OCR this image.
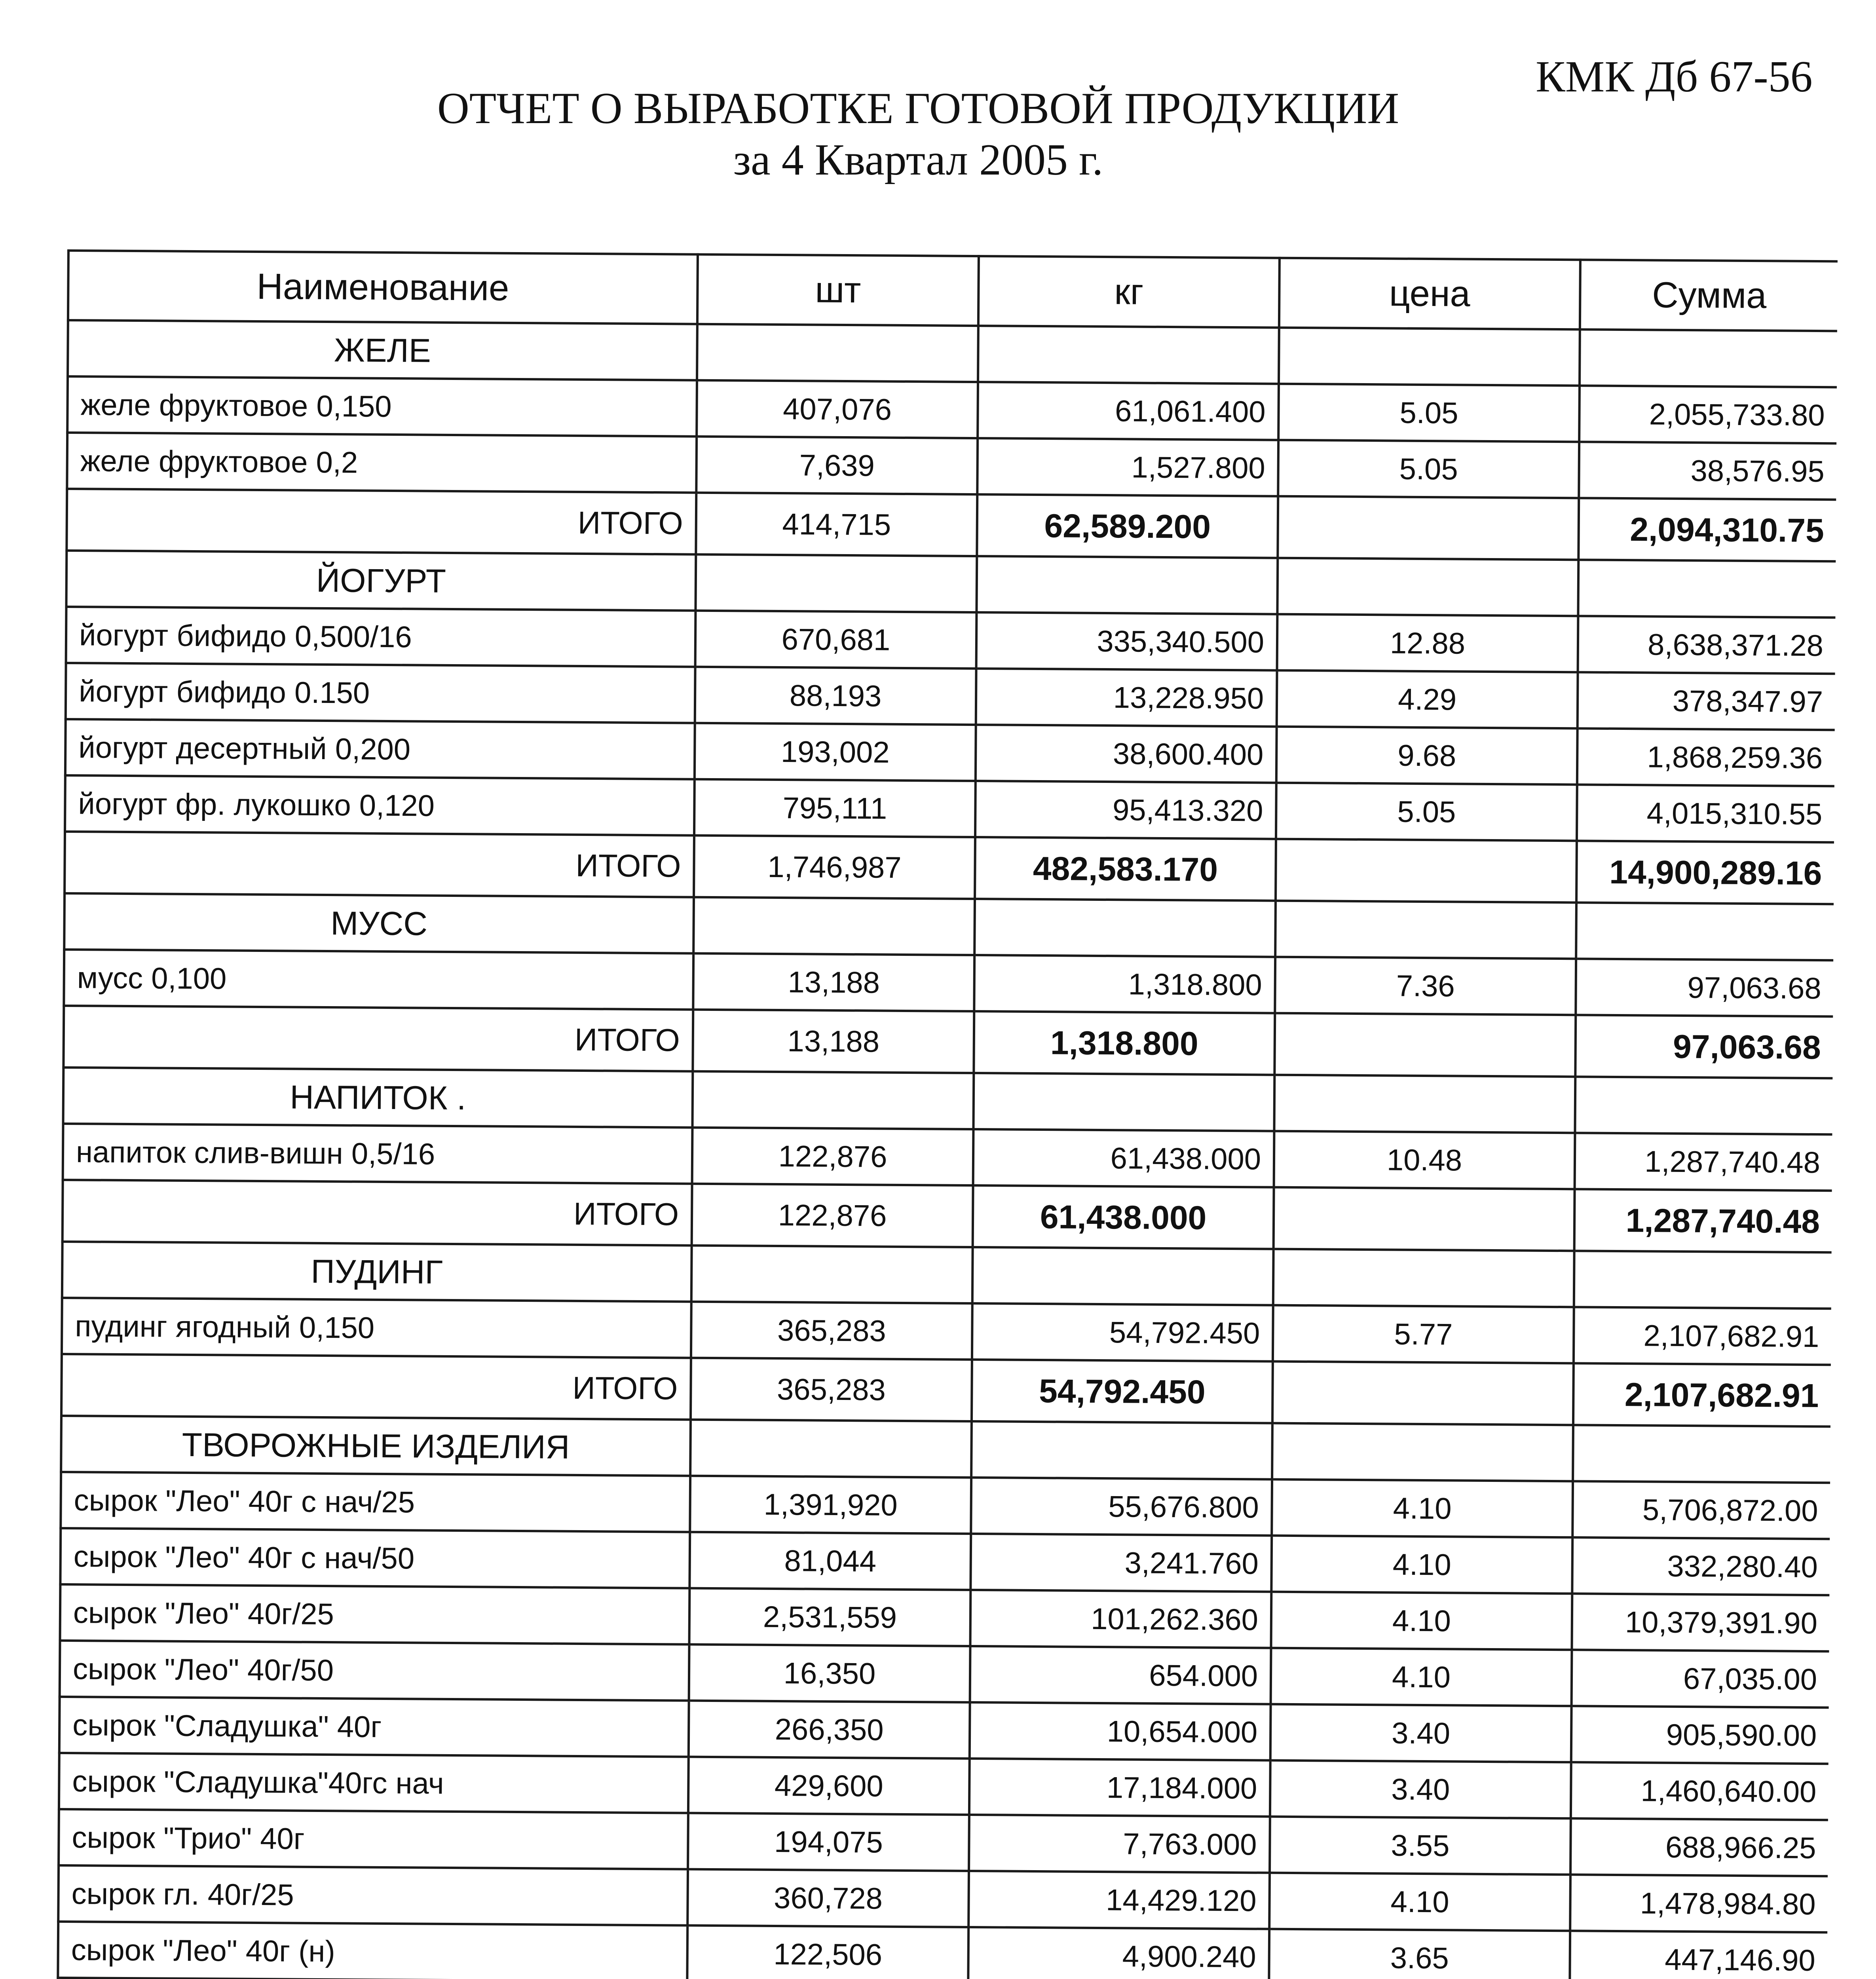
КМК Дб 67-56
ОТЧЕТ О ВЫРАБОТКЕ ГОТОВОЙ ПРОДУКЦИИ
за 4 Квартал 2005 г.
Наименование	шт	кг	цена	Сумма
ЖЕЛЕ				
желе фруктовое 0,150	407,076	61,061.400	5.05	2,055,733.80
желе фруктовое 0,2	7,639	1,527.800	5.05	38,576.95
ИТОГО	414,715	62,589.200		2,094,310.75
ЙОГУРТ				
йогурт бифидо 0,500/16	670,681	335,340.500	12.88	8,638,371.28
йогурт бифидо 0.150	88,193	13,228.950	4.29	378,347.97
йогурт десертный 0,200	193,002	38,600.400	9.68	1,868,259.36
йогурт фр. лукошко 0,120	795,111	95,413.320	5.05	4,015,310.55
ИТОГО	1,746,987	482,583.170		14,900,289.16
МУСС				
мусс 0,100	13,188	1,318.800	7.36	97,063.68
ИТОГО	13,188	1,318.800		97,063.68
НАПИТОК .				
напиток слив-вишн 0,5/16	122,876	61,438.000	10.48	1,287,740.48
ИТОГО	122,876	61,438.000		1,287,740.48
ПУДИНГ				
пудинг ягодный 0,150	365,283	54,792.450	5.77	2,107,682.91
ИТОГО	365,283	54,792.450		2,107,682.91
ТВОРОЖНЫЕ ИЗДЕЛИЯ				
сырок "Лео" 40г с нач/25	1,391,920	55,676.800	4.10	5,706,872.00
сырок "Лео" 40г с нач/50	81,044	3,241.760	4.10	332,280.40
сырок "Лео" 40г/25	2,531,559	101,262.360	4.10	10,379,391.90
сырок "Лео" 40г/50	16,350	654.000	4.10	67,035.00
сырок "Сладушка" 40г	266,350	10,654.000	3.40	905,590.00
сырок "Сладушка"40гс нач	429,600	17,184.000	3.40	1,460,640.00
сырок "Трио" 40г	194,075	7,763.000	3.55	688,966.25
сырок гл. 40г/25	360,728	14,429.120	4.10	1,478,984.80
сырок "Лео" 40г (н)	122,506	4,900.240	3.65	447,146.90
